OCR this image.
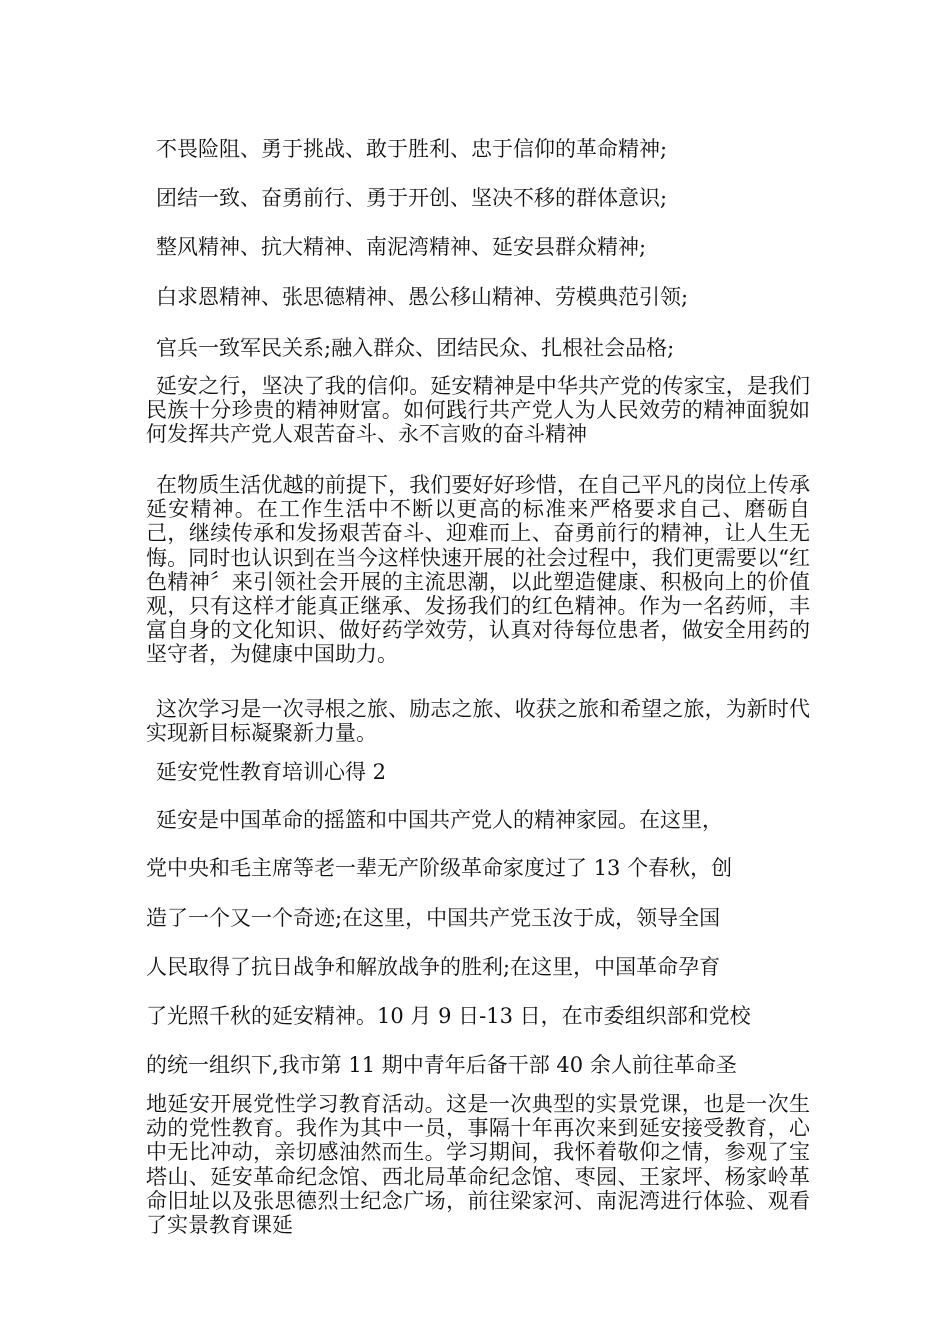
不畏险阻、勇于挑战、敢于胜利、忠于信仰的革命精神;
团结一致、奋勇前行、勇于开创、坚决不移的群体意识;
整风精神、抗大精神、南泥湾精神、延安县群众精神;
白求恩精神、张思德精神、愚公移山精神、劳模典范引领;
官兵一致军民关系;融入群众、团结民众、扎根社会品格;
延安之行，坚决了我的信仰。延安精神是中华共产党的传家宝，是我们民族十分珍贵的精神财富。如何践行共产党人为人民效劳的精神面貌如何发挥共产党人艰苦奋斗、永不言败的奋斗精神
在物质生活优越的前提下，我们要好好珍惜，在自己平凡的岗位上传承延安精神。在工作生活中不断以更高的标准来严格要求自己、磨砺自己，继续传承和发扬艰苦奋斗、迎难而上、奋勇前行的精神，让人生无悔。同时也认识到在当今这样快速开展的社会过程中，我们更需要以“红色精神〞来引领社会开展的主流思潮，以此塑造健康、积极向上的价值观，只有这样才能真正继承、发扬我们的红色精神。作为一名药师，丰富自身的文化知识、做好药学效劳，认真对待每位患者，做安全用药的坚守者，为健康中国助力。
这次学习是一次寻根之旅、励志之旅、收获之旅和希望之旅，为新时代实现新目标凝聚新力量。
延安党性教育培训心得 2
延安是中国革命的摇篮和中国共产党人的精神家园。在这里，
党中央和毛主席等老一辈无产阶级革命家度过了 13 个春秋，创
造了一个又一个奇迹;在这里，中国共产党玉汝于成，领导全国
人民取得了抗日战争和解放战争的胜利;在这里，中国革命孕育
了光照千秋的延安精神。10 月 9 日-13 日，在市委组织部和党校
的统一组织下,我市第 11 期中青年后备干部 40 余人前往革命圣
地延安开展党性学习教育活动。这是一次典型的实景党课，也是一次生动的党性教育。我作为其中一员，事隔十年再次来到延安接受教育，心中无比冲动，亲切感油然而生。学习期间，我怀着敬仰之情，参观了宝塔山、延安革命纪念馆、西北局革命纪念馆、枣园、王家坪、杨家岭革命旧址以及张思德烈士纪念广场，前往梁家河、南泥湾进行体验、观看了实景教育课延
